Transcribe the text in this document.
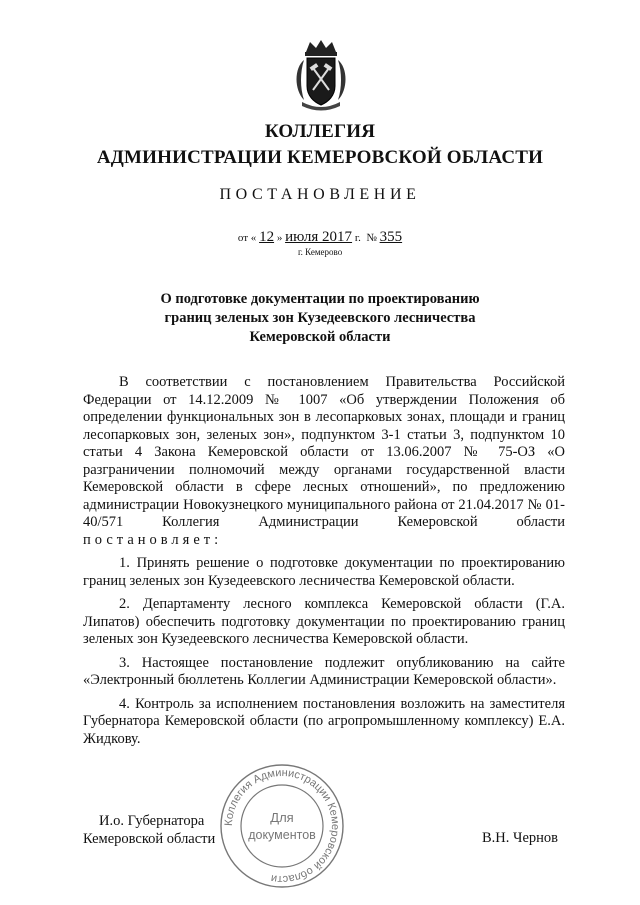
КОЛЛЕГИЯ
АДМИНИСТРАЦИИ КЕМЕРОВСКОЙ ОБЛАСТИ
ПОСТАНОВЛЕНИЕ
от « 12 » июля 2017 г. № 355
г. Кемерово
О подготовке документации по проектированию
границ зеленых зон Кузедеевского лесничества
Кемеровской области

В соответствии с постановлением Правительства Российской Федерации от 14.12.2009 № 1007 «Об утверждении Положения об определении функциональных зон в лесопарковых зонах, площади и границ лесопарковых зон, зеленых зон», подпунктом 3-1 статьи 3, подпунктом 10 статьи 4 Закона Кемеровской области от 13.06.2007 № 75-ОЗ «О разграничении полномочий между органами государственной власти Кемеровской области в сфере лесных отношений», по предложению администрации Новокузнецкого муниципального района от 21.04.2017 № 01-40/571 Коллегия Администрации Кемеровской области постановляет:

1. Принять решение о подготовке документации по проектированию границ зеленых зон Кузедеевского лесничества Кемеровской области.

2. Департаменту лесного комплекса Кемеровской области (Г.А. Липатов) обеспечить подготовку документации по проектированию границ зеленых зон Кузедеевского лесничества Кемеровской области.

3. Настоящее постановление подлежит опубликованию на сайте «Электронный бюллетень Коллегии Администрации Кемеровской области».

4. Контроль за исполнением постановления возложить на заместителя Губернатора Кемеровской области (по агропромышленному комплексу) Е.А. Жидкову.

И.о. Губернатора
Кемеровской области	В.Н. Чернов
Коллегия Администрации Кемеровской области
Для
документов
